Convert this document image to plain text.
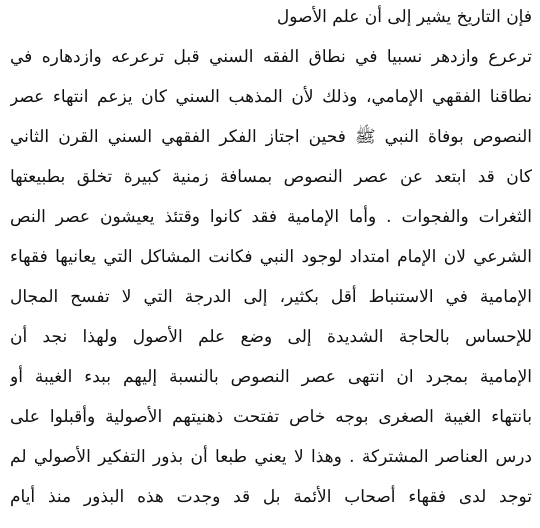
فإن التاريخ يشير إلى أن علم الأصول
ترعرع وازدهر نسبيا في نطاق الفقه السني قبل ترعرعه وازدهاره في
نطاقنا الفقهي الإمامي، وذلك لأن المذهب السني كان يزعم انتهاء عصر
النصوص بوفاة النبي ﷺ فحين اجتاز الفكر الفقهي السني القرن الثاني
كان قد ابتعد عن عصر النصوص بمسافة زمنية كبيرة تخلق بطبيعتها
الثغرات والفجوات . وأما الإمامية فقد كانوا وقتئذ يعيشون عصر النص
الشرعي لان الإمام امتداد لوجود النبي فكانت المشاكل التي يعانيها فقهاء
الإمامية في الاستنباط أقل بكثير، إلى الدرجة التي لا تفسح المجال
للإحساس بالحاجة الشديدة إلى وضع علم الأصول ولهذا نجد أن
الإمامية بمجرد ان انتهى عصر النصوص بالنسبة إليهم ببدء الغيبة أو
بانتهاء الغيبة الصغرى بوجه خاص تفتحت ذهنيتهم الأصولية وأقبلوا على
درس العناصر المشتركة . وهذا لا يعني طبعا أن بذور التفكير الأصولي لم
توجد لدى فقهاء أصحاب الأئمة بل قد وجدت هذه البذور منذ أيام
